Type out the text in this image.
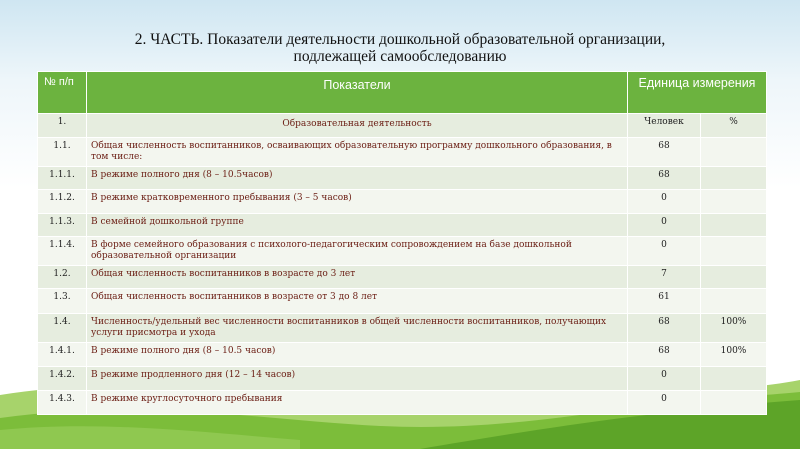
2. ЧАСТЬ. Показатели деятельности дошкольной образовательной организации,
подлежащей самообследованию
№ п/п	Показатели	Единица измерения	
1.	Образовательная деятельность	Человек	%
1.1.	Общая численность воспитанников, осваивающих образовательную программу дошкольного образования, в том числе:	68	
1.1.1.	В режиме полного дня (8 – 10.5часов)	68	
1.1.2.	В режиме кратковременного пребывания (3 – 5 часов)	0	
1.1.3.	В семейной дошкольной группе	0	
1.1.4.	В форме семейного образования с психолого-педагогическим сопровождением на базе дошкольной образовательной организации	0	
1.2.	Общая численность воспитанников в возрасте до 3 лет	7	
1.3.	Общая численность воспитанников в возрасте от 3 до 8 лет	61	
1.4.	Численность/удельный вес численности воспитанников в общей численности воспитанников, получающих услуги присмотра и ухода	68	100%
1.4.1.	В режиме полного дня (8 – 10.5 часов)	68	100%
1.4.2.	В режиме продленного дня (12 – 14 часов)	0	
1.4.3.	В режиме круглосуточного пребывания	0	
